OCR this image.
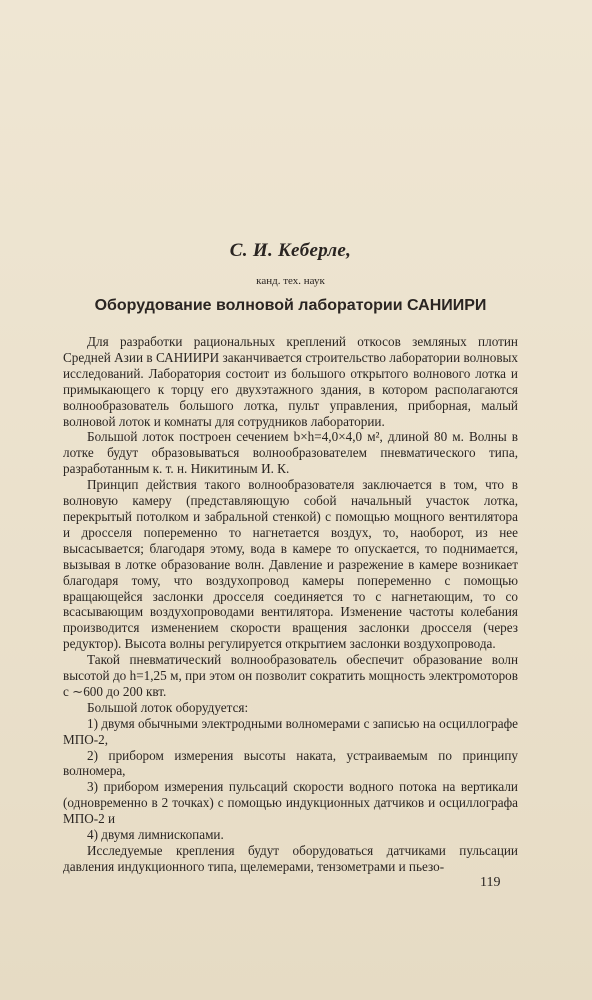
С. И. Keберле,
канд. тех. наук
Оборудование волновой лаборатории САНИИРИ

Для разработки рациональных креплений откосов земляных плотин Средней Азии в САНИИРИ заканчивается строительство лаборатории волновых исследований. Лаборатория состоит из большого открытого волнового лотка и примыкающего к торцу его двухэтажного здания, в котором располагаются волнообразователь большого лотка, пульт управления, приборная, малый волновой лоток и комнаты для сотрудников лаборатории.

Большой лоток построен сечением b×h=4,0×4,0 м², длиной 80 м. Волны в лотке будут образовываться волнообразователем пневматического типа, разработанным к. т. н. Никитиным И. К.

Принцип действия такого волнообразователя заключается в том, что в волновую камеру (представляющую собой начальный участок лотка, перекрытый потолком и забральной стенкой) с помощью мощного вентилятора и дросселя попеременно то нагнетается воздух, то, наоборот, из нее высасывается; благодаря этому, вода в камере то опускается, то поднимается, вызывая в лотке образование волн. Давление и разрежение в камере возникает благодаря тому, что воздухопровод камеры попеременно с помощью вращающейся заслонки дросселя соединяется то с нагнетающим, то со всасывающим воздухопроводами вентилятора. Изменение частоты колебания производится изменением скорости вращения заслонки дросселя (через редуктор). Высота волны регулируется открытием заслонки воздухопровода.

Такой пневматический волнообразователь обеспечит образование волн высотой до h=1,25 м, при этом он позволит сократить мощность электромоторов с ∼600 до 200 квт.

Большой лоток оборудуется:

1) двумя обычными электродными волномерами с записью на осциллографе МПО-2,

2) прибором измерения высоты наката, устраиваемым по принципу волномера,

3) прибором измерения пульсаций скорости водного потока на вертикали (одновременно в 2 точках) с помощью индукционных датчиков и осциллографа МПО-2 и

4) двумя лимнископами.

Исследуемые крепления будут оборудоваться датчиками пульсации давления индукционного типа, щелемерами, тензометрами и пьезо-

119
